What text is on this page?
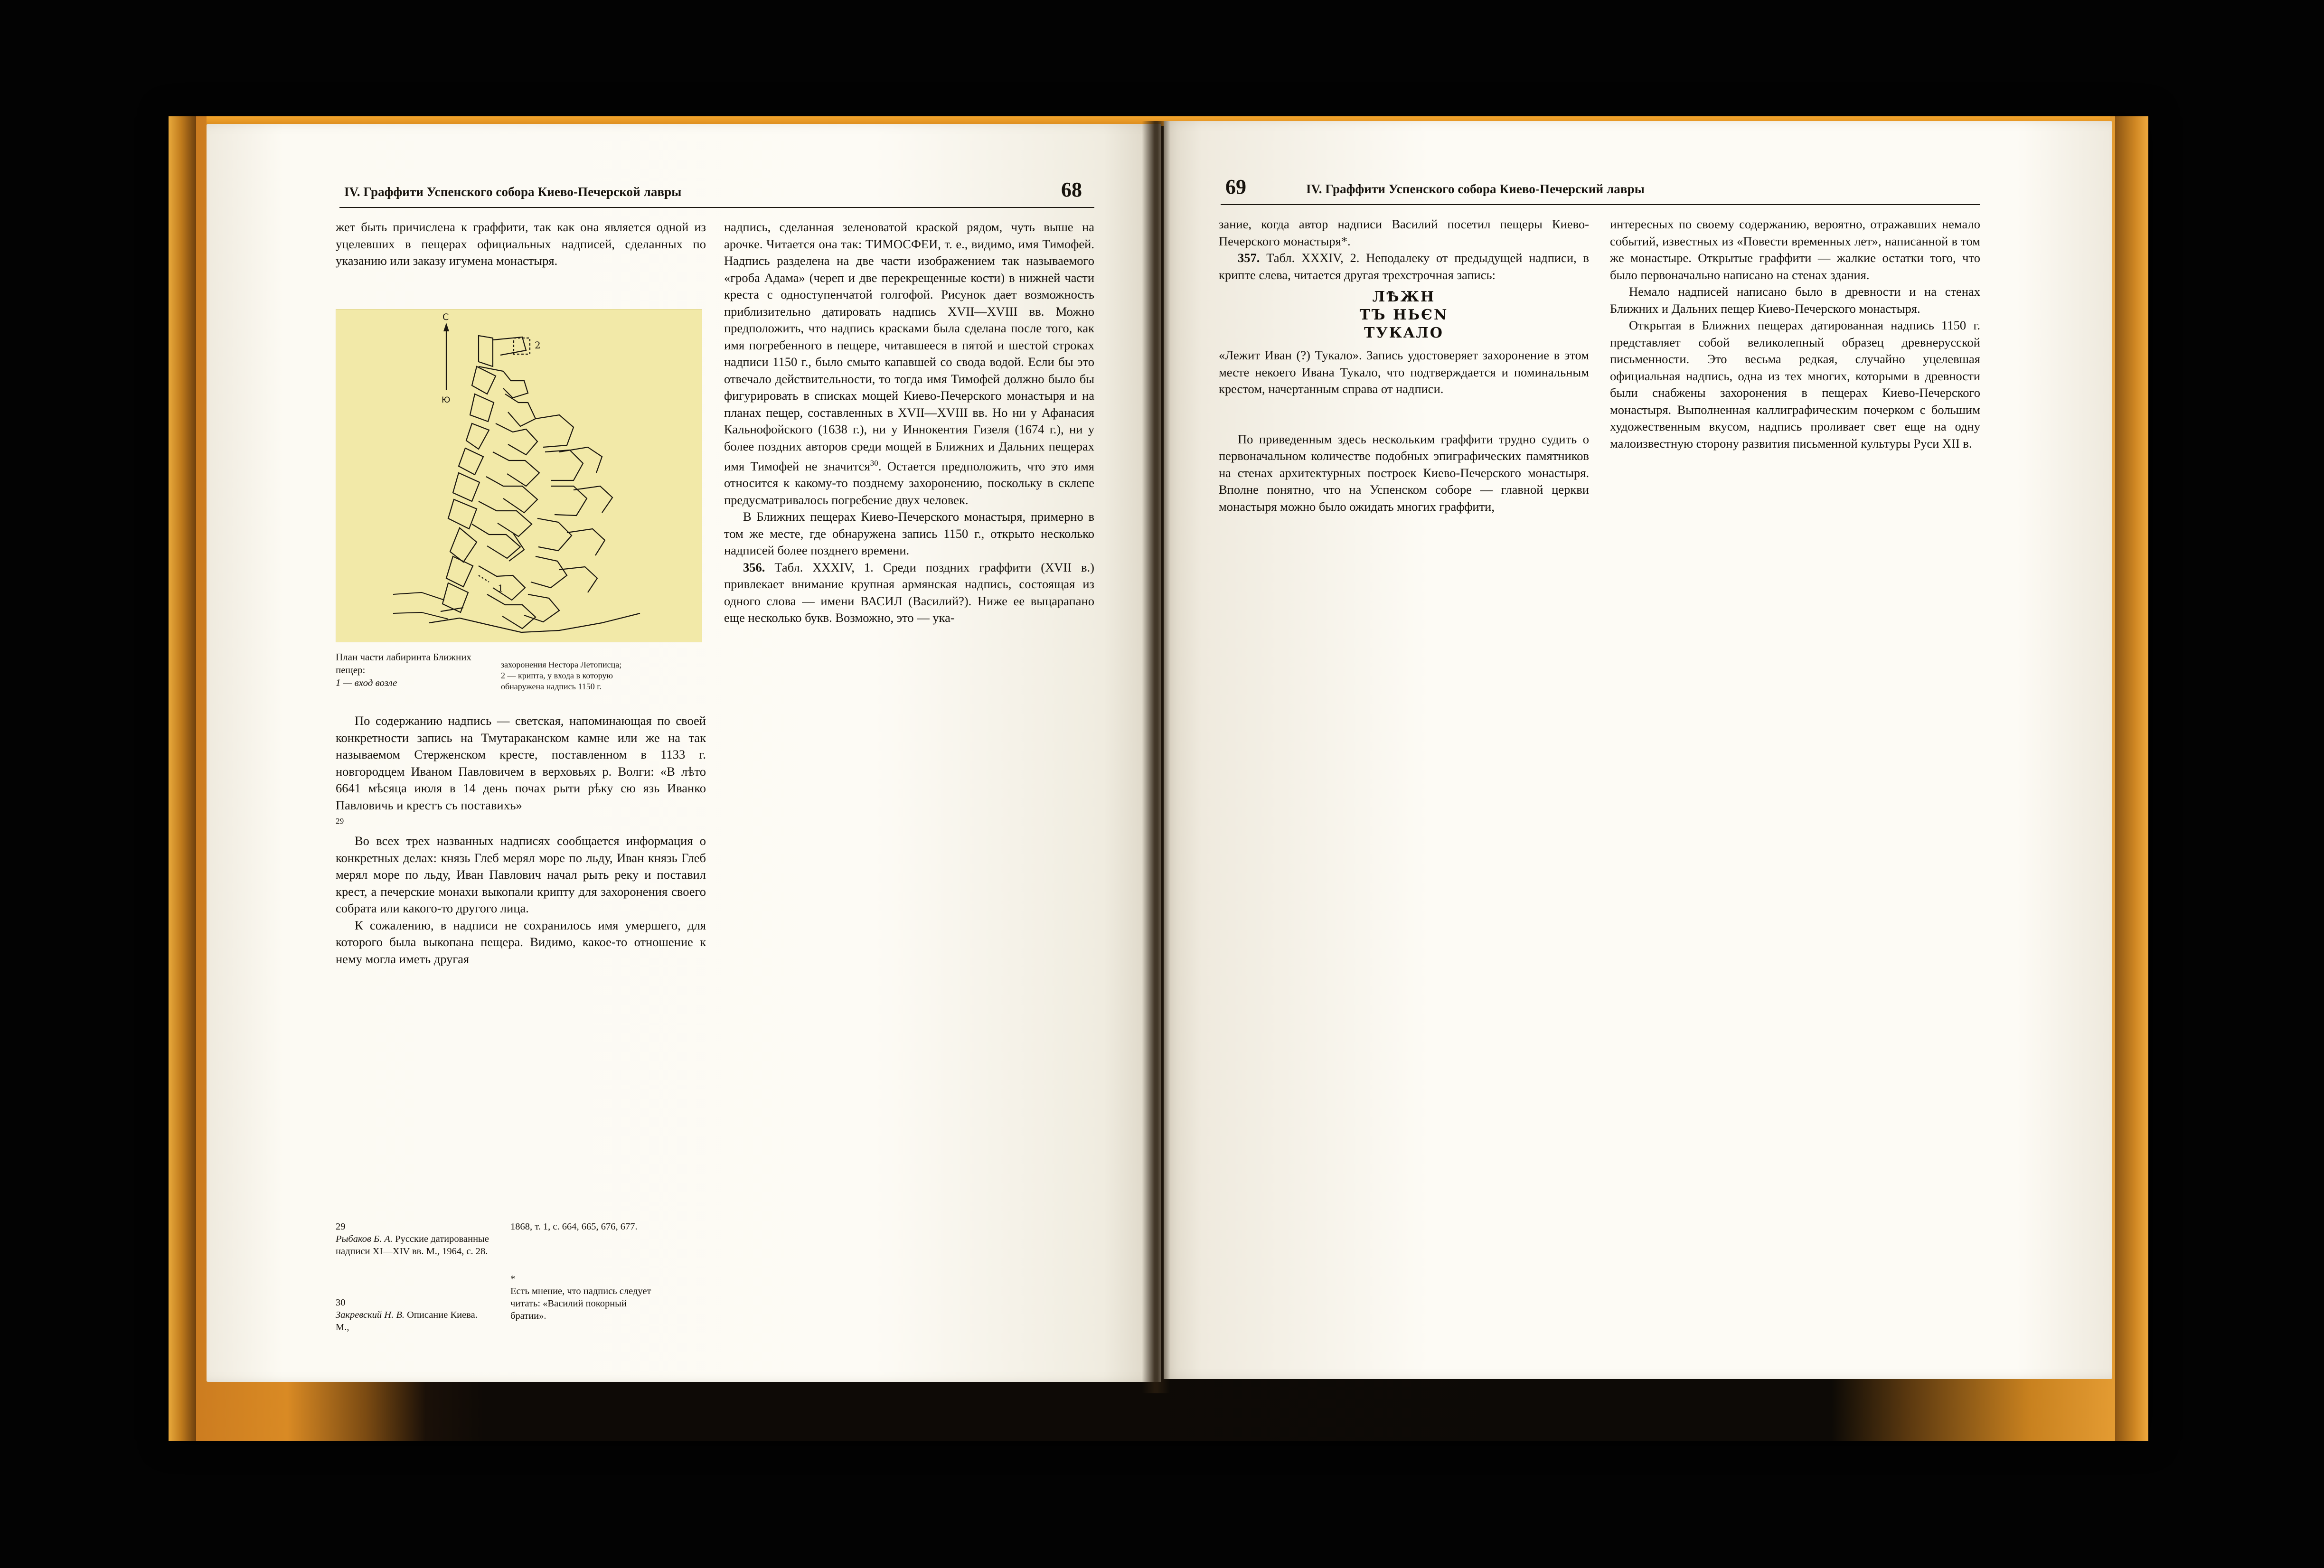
IV. Граффити Успенского собора Киево-Печерской лавры	68

жет быть причислена к граффити, так как она является одной из уцелевших в пещерах официальных надписей, сделанных по указанию или заказу игумена монастыря.

С
Ю
2
1
План части лабиринта Ближних пещер:
1 — вход возле
захоронения Нестора Летописца; 2 — крипта, у входа в которую обнаружена надпись 1150 г.

По содержанию надпись — светская, напоминающая по своей конкретности запись на Тмутараканском камне или же на так называемом Стерженском кресте, поставленном в 1133 г. новгородцем Иваном Павловичем в верховьях р. Волги: «В лѣто 6641 мѣсяца июля в 14 день почах рыти рѣку сю язь Иванко Павловичь и крестъ съ поставихъ»

$^{29}$

Во всех трех названных надписях сообщается информация о конкретных делах: князь Глеб мерял море по льду, Иван князь Глеб мерял море по льду, Иван Павлович начал рыть реку и поставил крест, а печерские монахи выкопали крипту для захоронения своего собрата или какого-то другого лица.

К сожалению, в надписи не сохранилось имя умершего, для которого была выкопана пещера. Видимо, какое-то отношение к нему могла иметь другая

надпись, сделанная зеленоватой краской рядом, чуть выше на арочке. Читается она так: ТИМОСФЕИ, т. е., видимо, имя Тимофей. Надпись разделена на две части изображением так называемого «гроба Адама» (череп и две перекрещенные кости) в нижней части креста с одноступенчатой голгофой. Рисунок дает возможность приблизительно датировать надпись XVII—XVIII вв. Можно предположить, что надпись красками была сделана после того, как имя погребенного в пещере, читавшееся в пятой и шестой строках надписи 1150 г., было смыто капавшей со свода водой. Если бы это отвечало действительности, то тогда имя Тимофей должно было бы фигурировать в списках мощей Киево-Печерского монастыря и на планах пещер, составленных в XVII—XVIII вв. Но ни у Афанасия Кальнофойского (1638 г.), ни у Иннокентия Гизеля (1674 г.), ни у более поздних авторов среди мощей в Ближних и Дальних пещерах имя Тимофей не значится$^{30}$. Остается предположить, что это имя относится к какому-то позднему захоронению, поскольку в склепе предусматривалось погребение двух человек.

В Ближних пещерах Киево-Печерского монастыря, примерно в том же месте, где обнаружена запись 1150 г., открыто несколько надписей более позднего времени.

356. Табл. XXXIV, 1. Среди поздних граффити (XVII в.) привлекает внимание крупная армянская надпись, состоящая из одного слова — имени ВАСИЛ (Василий?). Ниже ее выцарапано еще несколько букв. Возможно, это — ука-

29
Рыбаков Б. А. Русские датированные надписи XI—XIV вв. М., 1964, с. 28.
30
Закревский Н. В. Описание Киева. М.,
1868, т. 1, с. 664, 665, 676, 677.
*
Есть мнение, что надпись следует читать: «Василий покорный братии».
69	IV. Граффити Успенского собора Киево-Печерский лавры

зание, когда автор надписи Василий посетил пещеры Киево-Печерского монастыря*.

357. Табл. XXXIV, 2. Неподалеку от предыдущей надписи, в крипте слева, читается другая трехстрочная запись:

ЛѢЖН
ТЪ НЬЄN
ТУКAЛО

«Лежит Иван (?) Тукало». Запись удостоверяет захоронение в этом месте некоего Ивана Тукало, что подтверждается и поминальным крестом, начертанным справа от надписи.

По приведенным здесь нескольким граффити трудно судить о первоначальном количестве подобных эпиграфических памятников на стенах архитектурных построек Киево-Печерского монастыря. Вполне понятно, что на Успенском соборе — главной церкви монастыря можно было ожидать многих граффити,

интересных по своему содержанию, вероятно, отражавших немало событий, известных из «Повести временных лет», написанной в том же монастыре. Открытые граффити — жалкие остатки того, что было первоначально написано на стенах здания.

Немало надписей написано было в древности и на стенах Ближних и Дальних пещер Киево-Печерского монастыря.

Открытая в Ближних пещерах датированная надпись 1150 г. представляет собой великолепный образец древнерусской письменности. Это весьма редкая, случайно уцелевшая официальная надпись, одна из тех многих, которыми в древности были снабжены захоронения в пещерах Киево-Печерского монастыря. Выполненная каллиграфическим почерком с большим художественным вкусом, надпись проливает свет еще на одну малоизвестную сторону развития письменной культуры Руси XII в.
